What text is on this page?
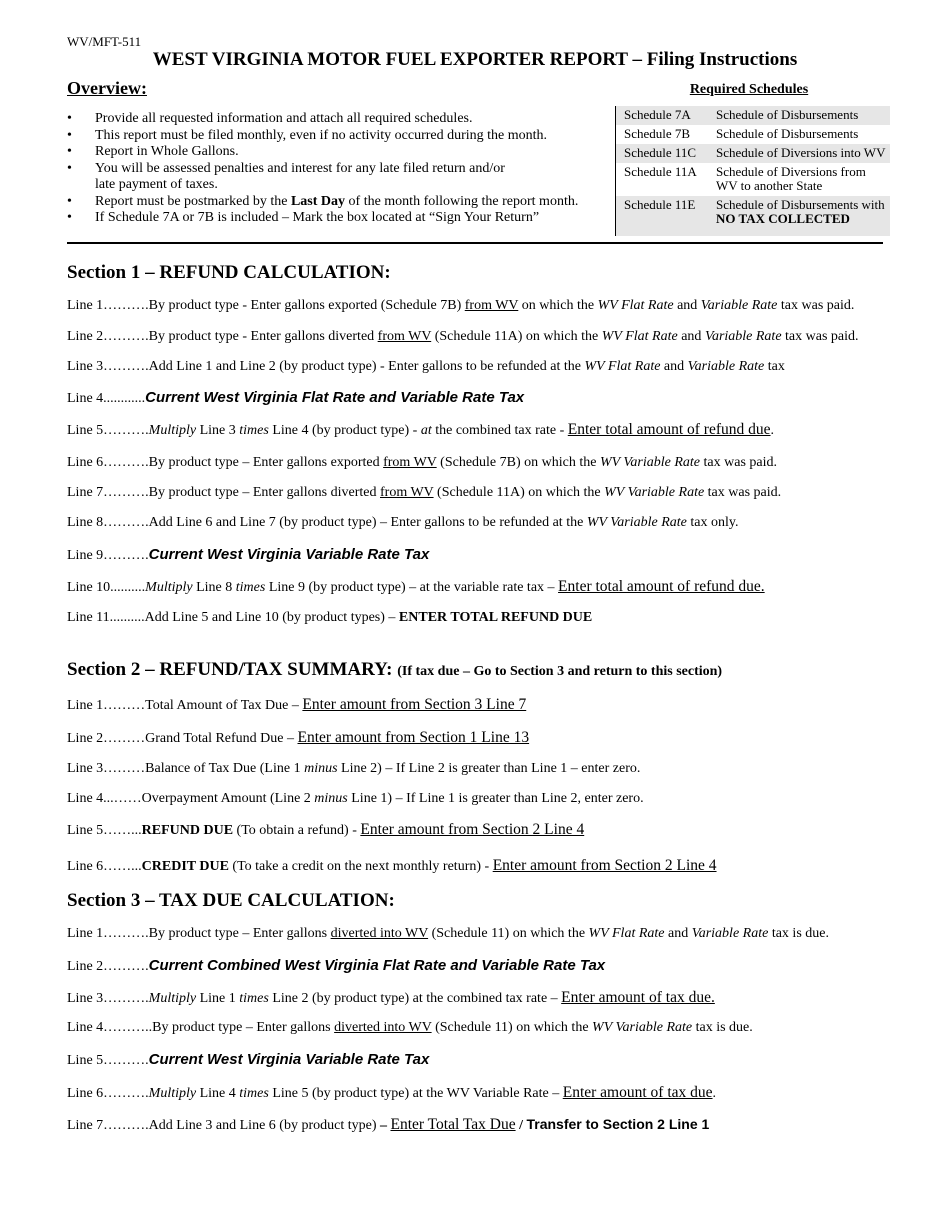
WV/MFT-511
WEST VIRGINIA MOTOR FUEL EXPORTER REPORT – Filing Instructions
Overview:
• Provide all requested information and attach all required schedules.
• This report must be filed monthly, even if no activity occurred during the month.
• Report in Whole Gallons.
• You will be assessed penalties and interest for any late filed return and/or
late payment of taxes.
• Report must be postmarked by the Last Day of the month following the report month.
• If Schedule 7A or 7B is included – Mark the box located at “Sign Your Return”
Required Schedules
Schedule 7A	Schedule of Disbursements
Schedule 7B	Schedule of Disbursements
Schedule 11C	Schedule of Diversions into WV
Schedule 11A	Schedule of Diversions from
WV to another State
Schedule 11E	Schedule of Disbursements with
NO TAX COLLECTED
Section 1 – REFUND CALCULATION:
Line 1……….By product type - Enter gallons exported (Schedule 7B) from WV on which the WV Flat Rate and Variable Rate tax was paid.
Line 2……….By product type - Enter gallons diverted from WV (Schedule 11A) on which the WV Flat Rate and Variable Rate tax was paid.
Line 3……….Add Line 1 and Line 2 (by product type) - Enter gallons to be refunded at the WV Flat Rate and Variable Rate tax
Line 4............Current West Virginia Flat Rate and Variable Rate Tax
Line 5……….Multiply Line 3 times Line 4 (by product type) - at the combined tax rate - Enter total amount of refund due.
Line 6……….By product type – Enter gallons exported from WV (Schedule 7B) on which the WV Variable Rate tax was paid.
Line 7……….By product type – Enter gallons diverted from WV (Schedule 11A) on which the WV Variable Rate tax was paid.
Line 8……….Add Line 6 and Line 7 (by product type) – Enter gallons to be refunded at the WV Variable Rate tax only.
Line 9……….Current West Virginia Variable Rate Tax
Line 10..........Multiply Line 8 times Line 9 (by product type) – at the variable rate tax – Enter total amount of refund due.
Line 11..........Add Line 5 and Line 10 (by product types) – ENTER TOTAL REFUND DUE
Section 2 – REFUND/TAX SUMMARY: (If tax due – Go to Section 3 and return to this section)
Line 1………Total Amount of Tax Due – Enter amount from Section 3 Line 7
Line 2………Grand Total Refund Due – Enter amount from Section 1 Line 13
Line 3………Balance of Tax Due (Line 1 minus Line 2) – If Line 2 is greater than Line 1 – enter zero.
Line 4...……Overpayment Amount (Line 2 minus Line 1) – If Line 1 is greater than Line 2, enter zero.
Line 5……...REFUND DUE (To obtain a refund) - Enter amount from Section 2 Line 4
Line 6……...CREDIT DUE (To take a credit on the next monthly return) - Enter amount from Section 2 Line 4
Section 3 – TAX DUE CALCULATION:
Line 1……….By product type – Enter gallons diverted into WV (Schedule 11) on which the WV Flat Rate and Variable Rate tax is due.
Line 2……….Current Combined West Virginia Flat Rate and Variable Rate Tax
Line 3……….Multiply Line 1 times Line 2 (by product type) at the combined tax rate – Enter amount of tax due.
Line 4………..By product type – Enter gallons diverted into WV (Schedule 11) on which the WV Variable Rate tax is due.
Line 5……….Current West Virginia Variable Rate Tax
Line 6……….Multiply Line 4 times Line 5 (by product type) at the WV Variable Rate – Enter amount of tax due.
Line 7……….Add Line 3 and Line 6 (by product type) – Enter Total Tax Due / Transfer to Section 2 Line 1
